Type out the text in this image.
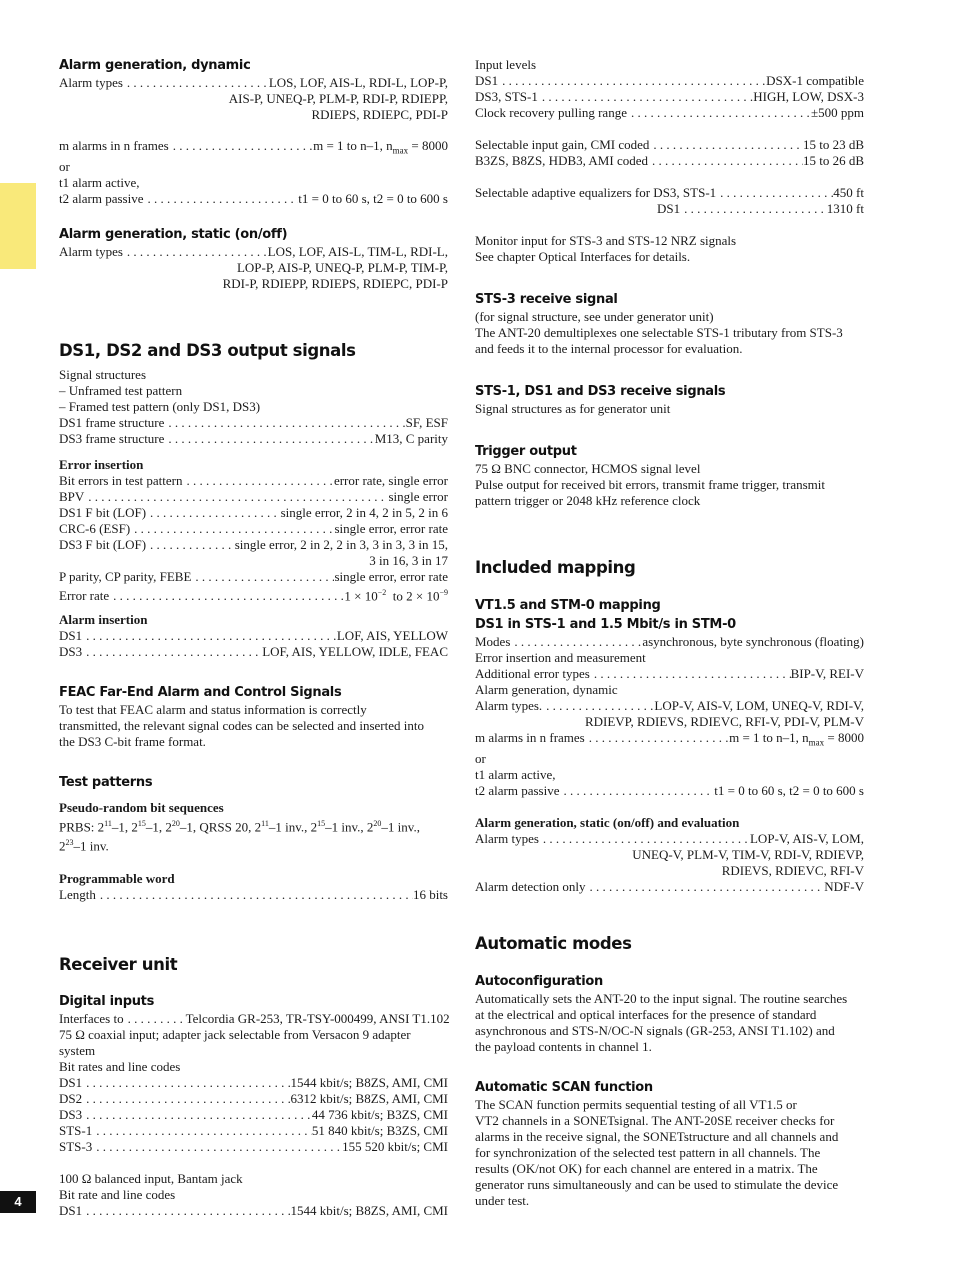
4
Alarm generation, dynamic
Alarm types . . .	LOS, LOF, AIS-L, RDI-L, LOP-P,
AIS-P, UNEQ-P, PLM-P, RDI-P, RDIEPP,
RDIEPS, RDIEPC, PDI-P
m alarms in n frames . . .	m = 1 to n–1, $n_{max} = 8000$
or
t1 alarm active,
t2 alarm passive . . .	t1 = 0 to 60 s, t2 = 0 to 600 s
Alarm generation, static (on/off)
Alarm types . . .	LOS, LOF, AIS-L, TIM-L, RDI-L,
LOP-P, AIS-P, UNEQ-P, PLM-P, TIM-P,
RDI-P, RDIEPP, RDIEPS, RDIEPC, PDI-P
DS1, DS2 and DS3 output signals
Signal structures
– Unframed test pattern
– Framed test pattern (only DS1, DS3)
DS1 frame structure . . .	SF, ESF
DS3 frame structure . . .	M13, C parity
Error insertion
Bit errors in test pattern . . .	error rate, single error
BPV . . .	single error
DS1 F bit (LOF) . . .	single error, 2 in 4, 2 in 5, 2 in 6
CRC-6 (ESF) . . .	single error, error rate
DS3 F bit (LOF) . . .	single error, 2 in 2, 2 in 3, 3 in 3, 3 in 15,
3 in 16, 3 in 17
P parity, CP parity, FEBE . . .	single error, error rate
Error rate . . .	$1 \times 10^{-2}$ to $2 \times 10^{-9}$
Alarm insertion
DS1 . . .	LOF, AIS, YELLOW
DS3 . . .	LOF, AIS, YELLOW, IDLE, FEAC
FEAC Far-End Alarm and Control Signals
To test that FEAC alarm and status information is correctly
transmitted, the relevant signal codes can be selected and inserted into
the DS3 C-bit frame format.
Test patterns
Pseudo-random bit sequences
PRBS: $2^{11}-1$, $2^{15}-1$, $2^{20}-1$, QRSS 20, $2^{11}-1$ inv., $2^{15}-1$ inv., $2^{20}-1$ inv.,
$2^{23}-1$ inv.
Programmable word
Length . . .	16 bits
Receiver unit
Digital inputs
Interfaces to . . .	Telcordia GR-253, TR-TSY-000499, ANSI T1.102
75 Ω coaxial input; adapter jack selectable from Versacon 9 adapter
system
Bit rates and line codes
DS1 . . .	1544 kbit/s; B8ZS, AMI, CMI
DS2 . . .	6312 kbit/s; B8ZS, AMI, CMI
DS3 . . .	44 736 kbit/s; B3ZS, CMI
STS-1 . . .	51 840 kbit/s; B3ZS, CMI
STS-3 . . .	155 520 kbit/s; CMI
100 Ω balanced input, Bantam jack
Bit rate and line codes
DS1 . . .	1544 kbit/s; B8ZS, AMI, CMI
Input levels
DS1 . . .	DSX-1 compatible
DS3, STS-1 . . .	HIGH, LOW, DSX-3
Clock recovery pulling range . . .	±500 ppm
Selectable input gain, CMI coded . . .	15 to 23 dB
B3ZS, B8ZS, HDB3, AMI coded . . .	15 to 26 dB
Selectable adaptive equalizers for DS3, STS-1 . . .	450 ft
DS1 . . .	1310 ft
Monitor input for STS-3 and STS-12 NRZ signals
See chapter Optical Interfaces for details.
STS-3 receive signal
(for signal structure, see under generator unit)
The ANT-20 demultiplexes one selectable STS-1 tributary from STS-3
and feeds it to the internal processor for evaluation.
STS-1, DS1 and DS3 receive signals
Signal structures as for generator unit
Trigger output
75 Ω BNC connector, HCMOS signal level
Pulse output for received bit errors, transmit frame trigger, transmit
pattern trigger or 2048 kHz reference clock
Included mapping
VT1.5 and STM-0 mapping
DS1 in STS-1 and 1.5 Mbit/s in STM-0
Modes . . .	asynchronous, byte synchronous (floating)
Error insertion and measurement
Additional error types . . .	BIP-V, REI-V
Alarm generation, dynamic
Alarm types. . . .	LOP-V, AIS-V, LOM, UNEQ-V, RDI-V,
RDIEVP, RDIEVS, RDIEVC, RFI-V, PDI-V, PLM-V
m alarms in n frames . . .	m = 1 to n–1, $n_{max} = 8000$
or
t1 alarm active,
t2 alarm passive . . .	t1 = 0 to 60 s, t2 = 0 to 600 s
Alarm generation, static (on/off) and evaluation
Alarm types . . .	LOP-V, AIS-V, LOM,
UNEQ-V, PLM-V, TIM-V, RDI-V, RDIEVP,
RDIEVS, RDIEVC, RFI-V
Alarm detection only . . .	NDF-V
Automatic modes
Autoconfiguration
Automatically sets the ANT-20 to the input signal. The routine searches
at the electrical and optical interfaces for the presence of standard
asynchronous and STS-N/OC-N signals (GR-253, ANSI T1.102) and
the payload contents in channel 1.
Automatic SCAN function
The SCAN function permits sequential testing of all VT1.5 or
VT2 channels in a SONETsignal. The ANT-20SE receiver checks for
alarms in the receive signal, the SONETstructure and all channels and
for synchronization of the selected test pattern in all channels. The
results (OK/not OK) for each channel are entered in a matrix. The
generator runs simultaneously and can be used to stimulate the device
under test.
